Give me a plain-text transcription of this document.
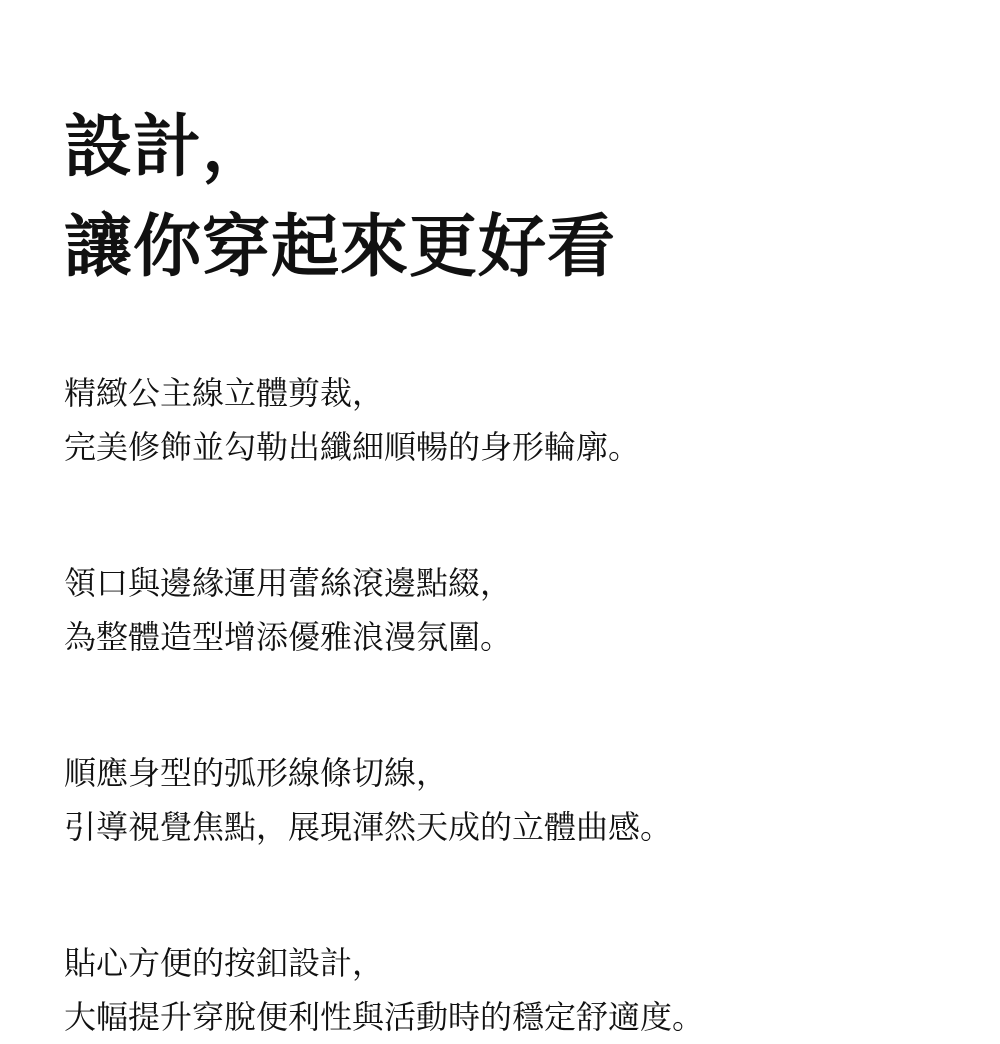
設計，
讓你穿起來更好看
精緻公主線立體剪裁，
完美修飾並勾勒出纖細順暢的身形輪廓。
領口與邊緣運用蕾絲滾邊點綴，
為整體造型增添優雅浪漫氛圍。
順應身型的弧形線條切線，
引導視覺焦點，展現渾然天成的立體曲感。
貼心方便的按釦設計，
大幅提升穿脫便利性與活動時的穩定舒適度。
